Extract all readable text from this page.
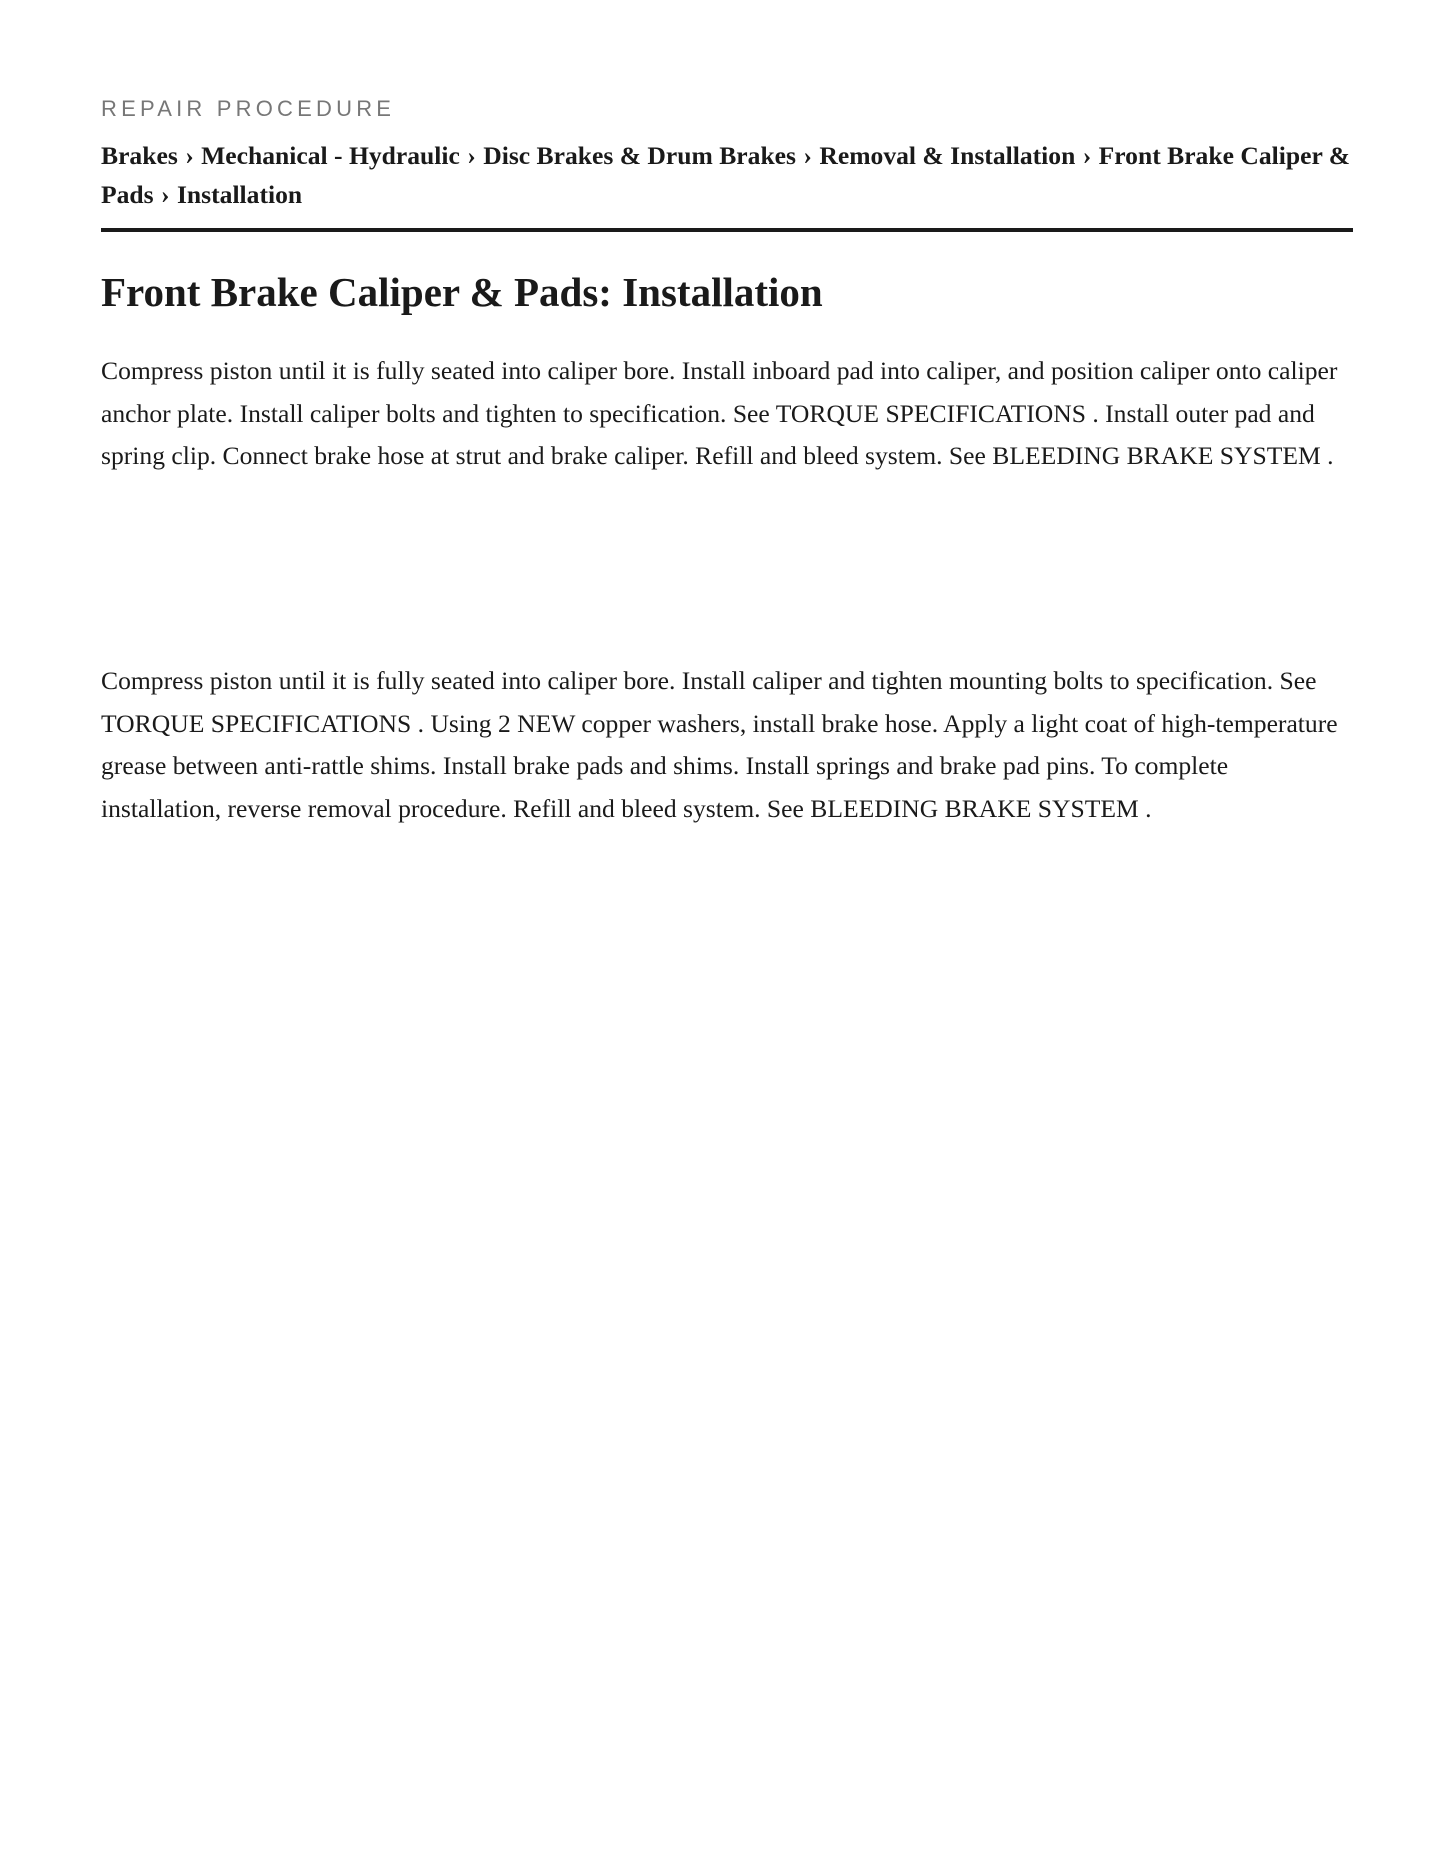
REPAIR PROCEDURE
Brakes › Mechanical - Hydraulic › Disc Brakes & Drum Brakes › Removal & Installation › Front Brake Caliper & Pads › Installation
Front Brake Caliper & Pads: Installation

Compress piston until it is fully seated into caliper bore. Install inboard pad into caliper, and position caliper onto caliper anchor plate. Install caliper bolts and tighten to specification. See TORQUE SPECIFICATIONS . Install outer pad and spring clip. Connect brake hose at strut and brake caliper. Refill and bleed system. See BLEEDING BRAKE SYSTEM .

Compress piston until it is fully seated into caliper bore. Install caliper and tighten mounting bolts to specification. See TORQUE SPECIFICATIONS . Using 2 NEW copper washers, install brake hose. Apply a light coat of high-temperature grease between anti-rattle shims. Install brake pads and shims. Install springs and brake pad pins. To complete installation, reverse removal procedure. Refill and bleed system. See BLEEDING BRAKE SYSTEM .
